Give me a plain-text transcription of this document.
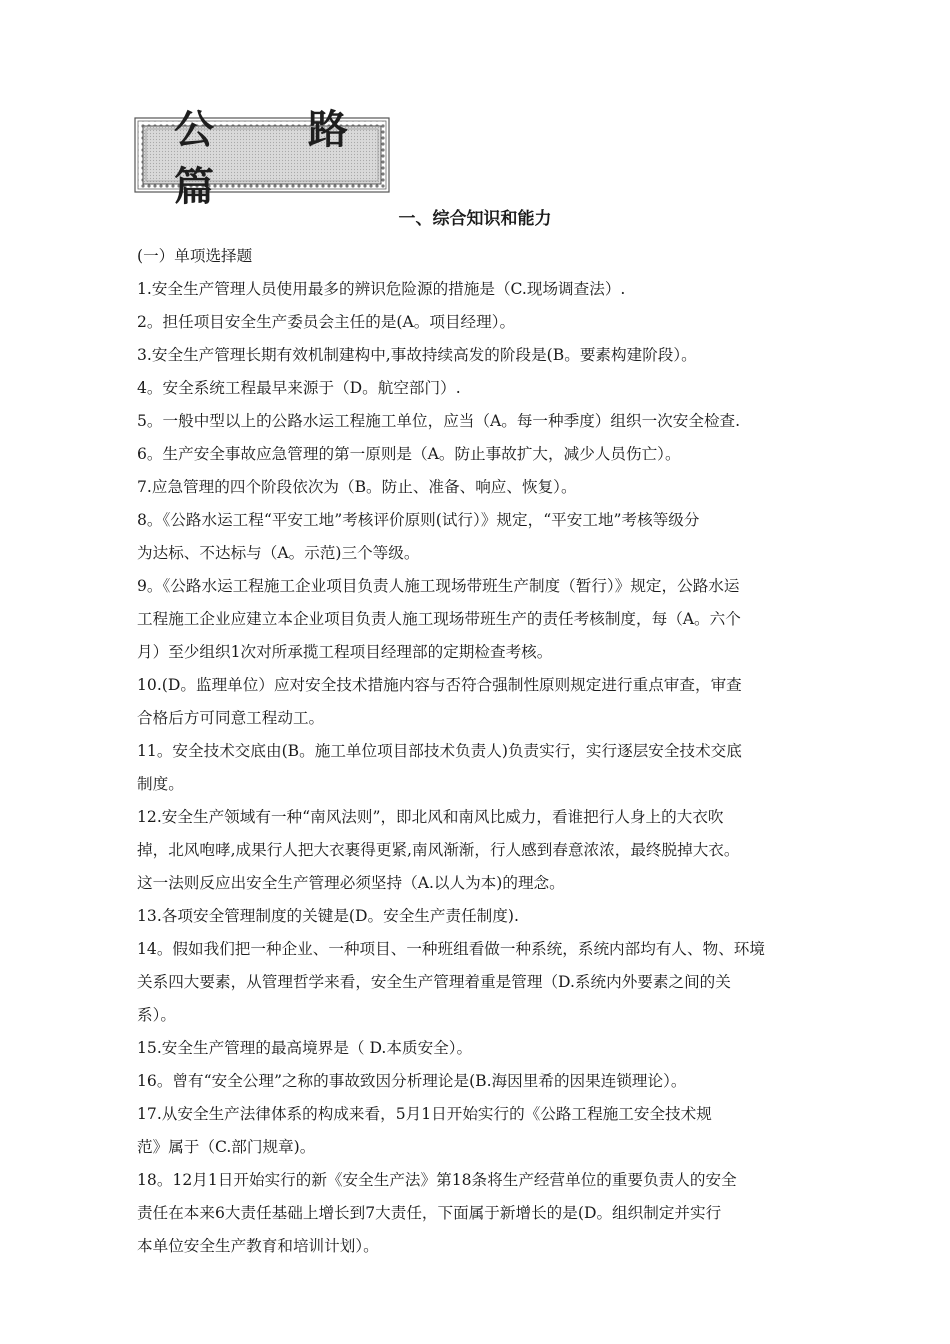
公 路 篇
一、综合知识和能力
(一）单项选择题
1.安全生产管理人员使用最多的辨识危险源的措施是（C.现场调查法）.
2。担任项目安全生产委员会主任的是(A。项目经理）。
3.安全生产管理长期有效机制建构中,事故持续高发的阶段是(B。要素构建阶段）。
4。安全系统工程最早来源于（D。航空部门）.
5。一般中型以上的公路水运工程施工单位，应当（A。每一种季度）组织一次安全检查.
6。生产安全事故应急管理的第一原则是（A。防止事故扩大，减少人员伤亡）。
7.应急管理的四个阶段依次为（B。防止、准备、响应、恢复）。
8。《公路水运工程“平安工地”考核评价原则(试行）》规定，“平安工地”考核等级分
为达标、不达标与（A。示范)三个等级。
9。《公路水运工程施工企业项目负责人施工现场带班生产制度（暂行）》规定，公路水运
工程施工企业应建立本企业项目负责人施工现场带班生产的责任考核制度，每（A。六个
月）至少组织1次对所承揽工程项目经理部的定期检查考核。
10.(D。监理单位）应对安全技术措施内容与否符合强制性原则规定进行重点审查，审查
合格后方可同意工程动工。
11。安全技术交底由(B。施工单位项目部技术负责人)负责实行，实行逐层安全技术交底
制度。
12.安全生产领域有一种“南风法则”，即北风和南风比威力，看谁把行人身上的大衣吹
掉，北风咆哮,成果行人把大衣裹得更紧,南风渐渐，行人感到春意浓浓，最终脱掉大衣。
这一法则反应出安全生产管理必须坚持（A.以人为本)的理念。
13.各项安全管理制度的关键是(D。安全生产责任制度).
14。假如我们把一种企业、一种项目、一种班组看做一种系统，系统内部均有人、物、环境
关系四大要素，从管理哲学来看，安全生产管理着重是管理（D.系统内外要素之间的关
系）。
15.安全生产管理的最高境界是（ D.本质安全）。
16。曾有“安全公理”之称的事故致因分析理论是(B.海因里希的因果连锁理论）。
17.从安全生产法律体系的构成来看，5月1日开始实行的《公路工程施工安全技术规
范》属于（C.部门规章)。
18。12月1日开始实行的新《安全生产法》第18条将生产经营单位的重要负责人的安全
责任在本来6大责任基础上增长到7大责任，下面属于新增长的是(D。组织制定并实行
本单位安全生产教育和培训计划）。
